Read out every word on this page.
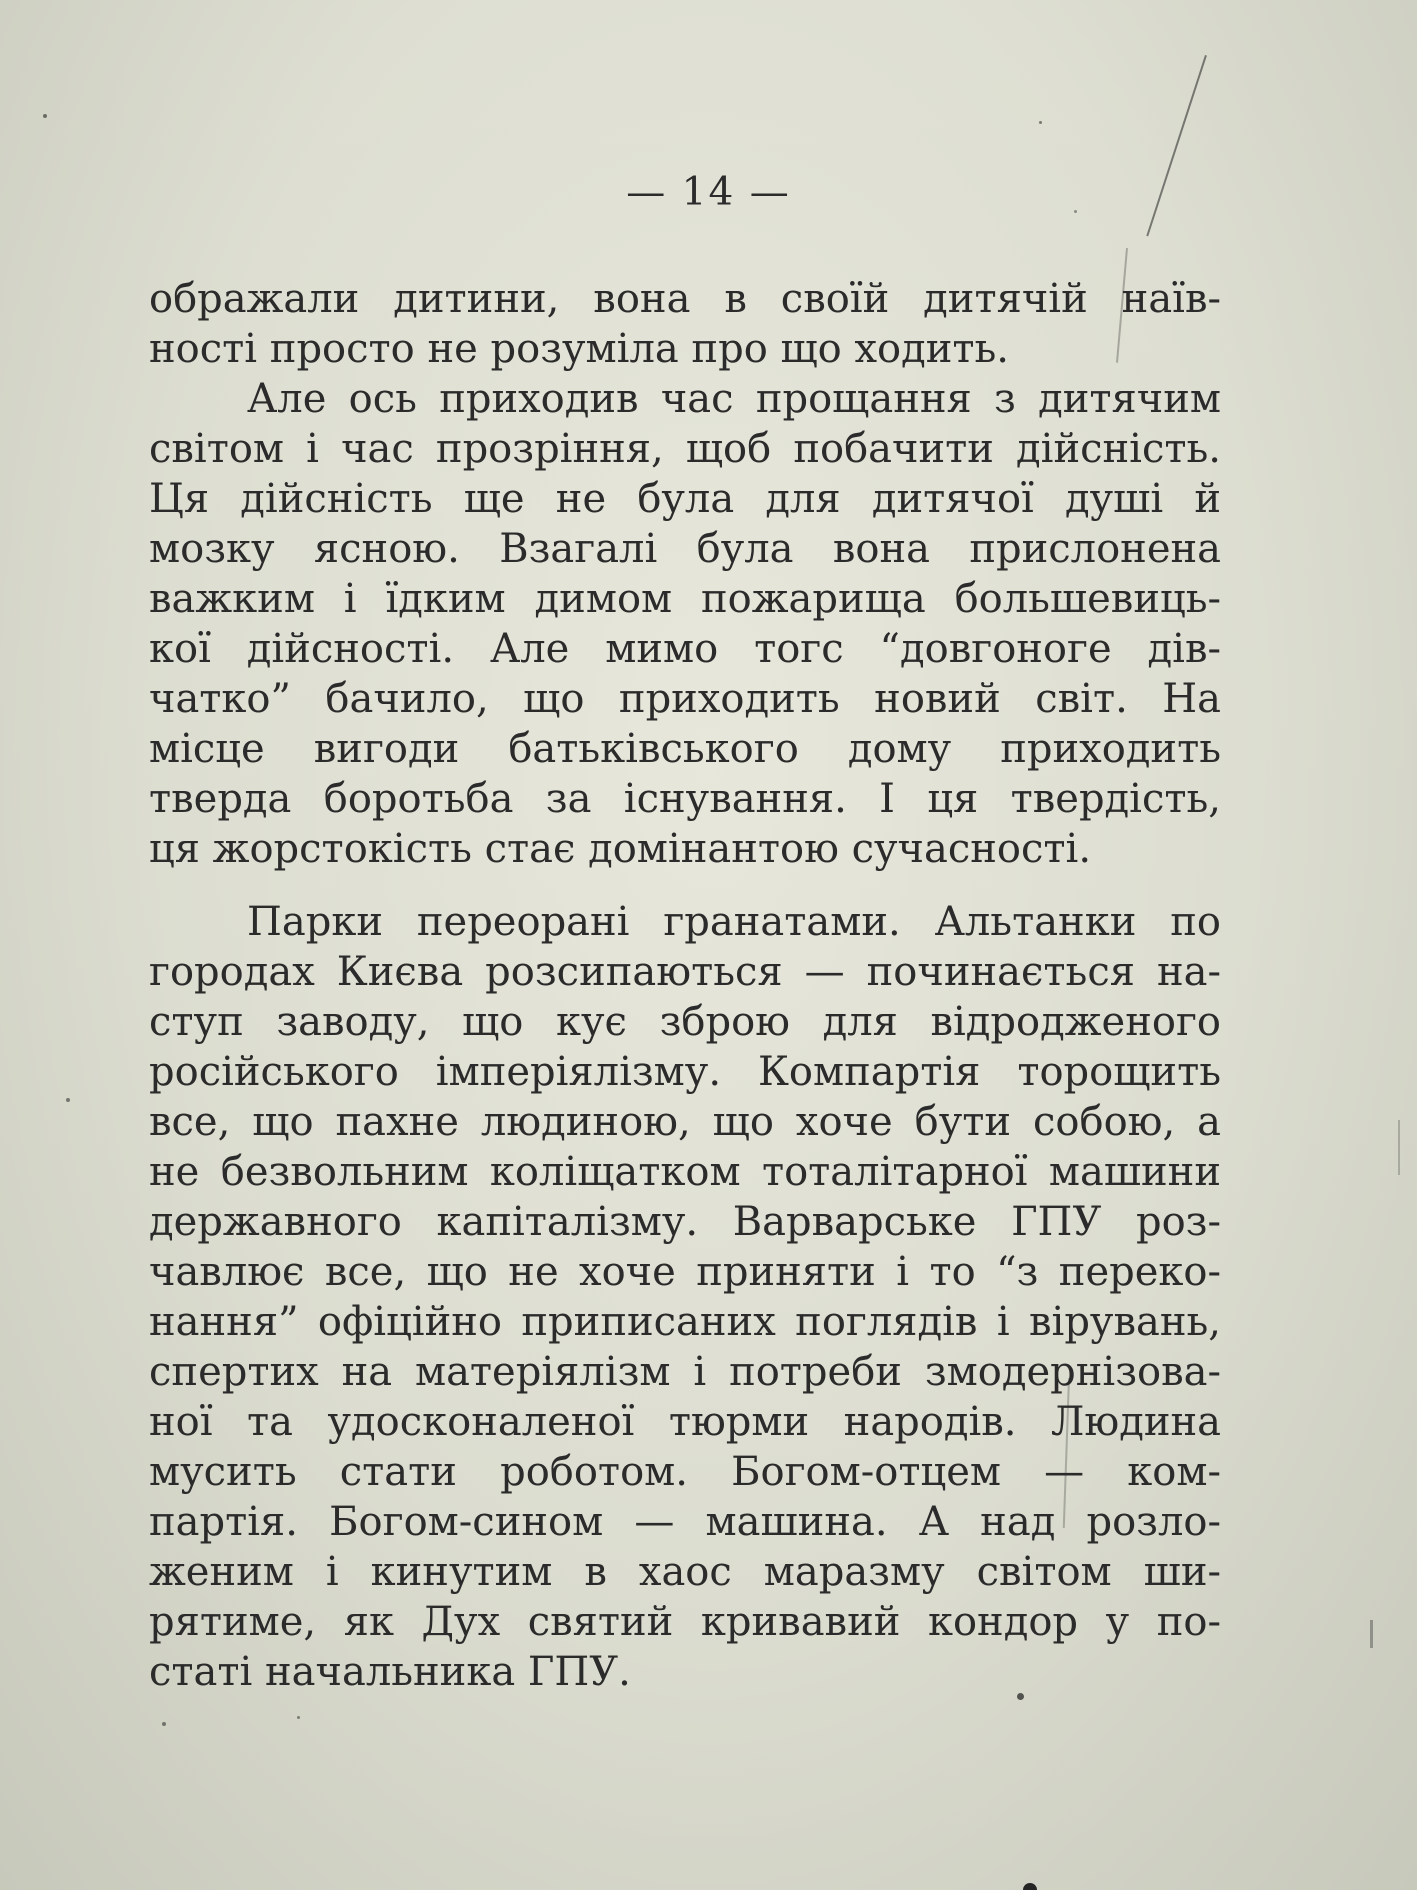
— 14 —
ображали дитини, вона в своїй дитячій наїв-
ності просто не розуміла про що ходить.
Але ось приходив час прощання з дитячим
світом і час прозріння, щоб побачити дійсність.
Ця дійсність ще не була для дитячої душі й
мозку ясною. Взагалі була вона прислонена
важким і їдким димом пожарища большевиць-
кої дійсності. Але мимо тогс “довгоноге дів-
чатко” бачило, що приходить новий світ. На
місце вигоди батьківського дому приходить
тверда боротьба за існування. І ця твердість,
ця жорстокість стає домінантою сучасності.
Парки переорані гранатами. Альтанки по
городах Києва розсипаються — починається на-
ступ заводу, що кує зброю для відродженого
російського імперіялізму. Компартія торощить
все, що пахне людиною, що хоче бути собою, а
не безвольним коліщатком тоталітарної машини
державного капіталізму. Варварське ГПУ роз-
чавлює все, що не хоче приняти і то “з переко-
нання” офіційно приписаних поглядів і вірувань,
спертих на матеріялізм і потреби змодернізова-
ної та удосконаленої тюрми народів. Людина
мусить стати роботом. Богом-отцем — ком-
партія. Богом-сином — машина. А над розло-
женим і кинутим в хаос маразму світом ши-
рятиме, як Дух святий кривавий кондор у по-
статі начальника ГПУ.
